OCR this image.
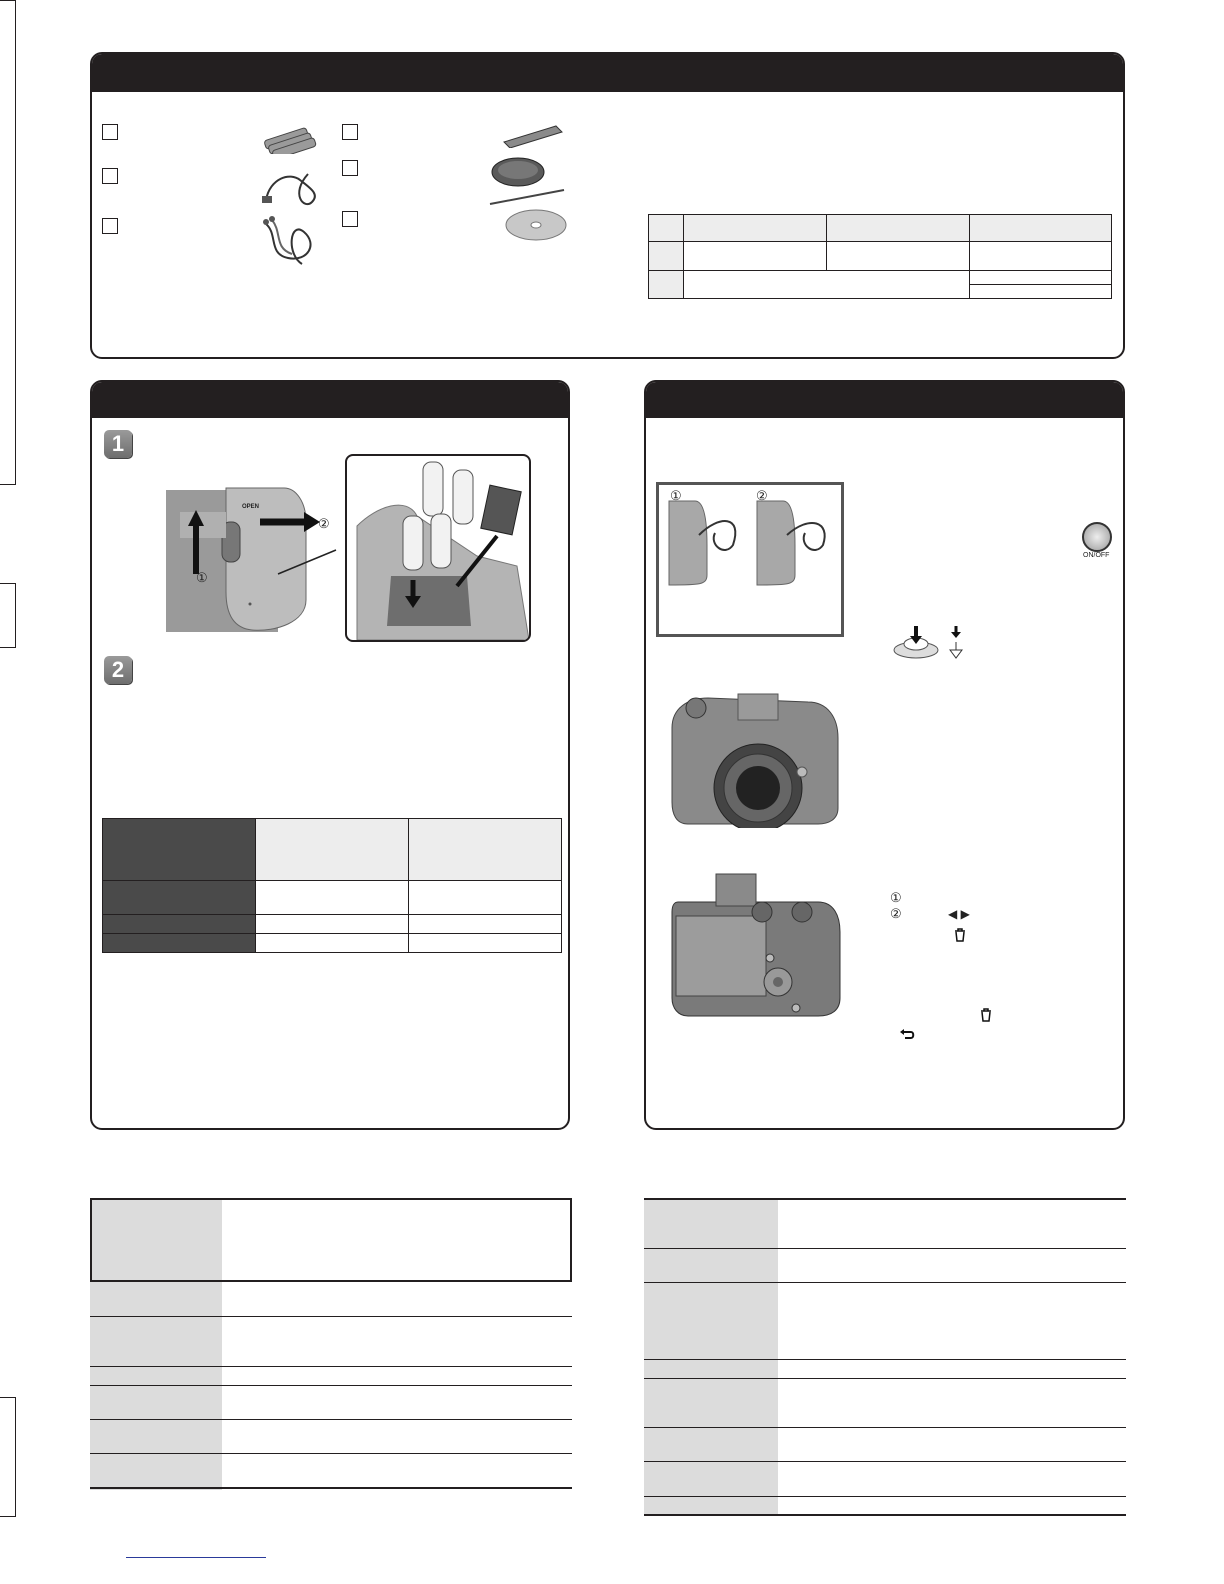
1
2
①
②
OPEN

①	②
ON/OFF
①
②	◀ ▶
